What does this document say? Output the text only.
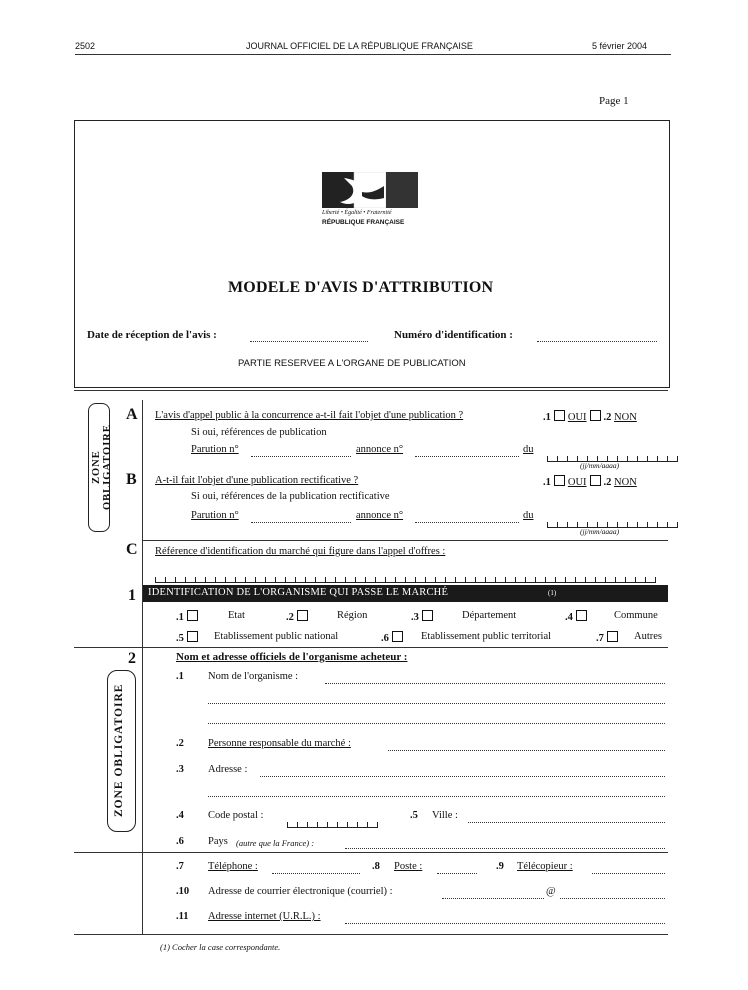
2502	JOURNAL OFFICIEL DE LA RÉPUBLIQUE FRANÇAISE	5 février 2004
Page 1
Liberté • Égalité • Fraternité
RÉPUBLIQUE FRANÇAISE
MODELE D'AVIS D'ATTRIBUTION
Date de réception de l'avis :	Numéro d'identification :
PARTIE RESERVEE A L'ORGANE DE PUBLICATION
ZONE OBLIGATOIRE
A L'avis d'appel public à la concurrence a-t-il fait l'objet d'une publication ?	.1 OUI .2 NON
Si oui, références de publication
Parution n°	annonce n°	du
(jj/mm/aaaa)
B A-t-il fait l'objet d'une publication rectificative ?	.1 OUI .2 NON
Si oui, références de la publication rectificative
Parution n°	annonce n°	du
(jj/mm/aaaa)
C Référence d'identification du marché qui figure dans l'appel d'offres :
1 IDENTIFICATION DE L'ORGANISME QUI PASSE LE MARCHÉ	(1)
.1	Etat	.2	Région	.3	Département	.4	Commune
.5	Etablissement public national	.6	Etablissement public territorial	.7	Autres
2	Nom et adresse officiels de l'organisme acheteur :
ZONE OBLIGATOIRE
.1 Nom de l'organisme :
.2 Personne responsable du marché :
.3 Adresse :
.4 Code postal :	.5 Ville :
.6 Pays (autre que la France) :
.7 Téléphone :	.8 Poste :	.9 Télécopieur :
.10 Adresse de courrier électronique (courriel) :	@
.11 Adresse internet (U.R.L.) :
(1) Cocher la case correspondante.
